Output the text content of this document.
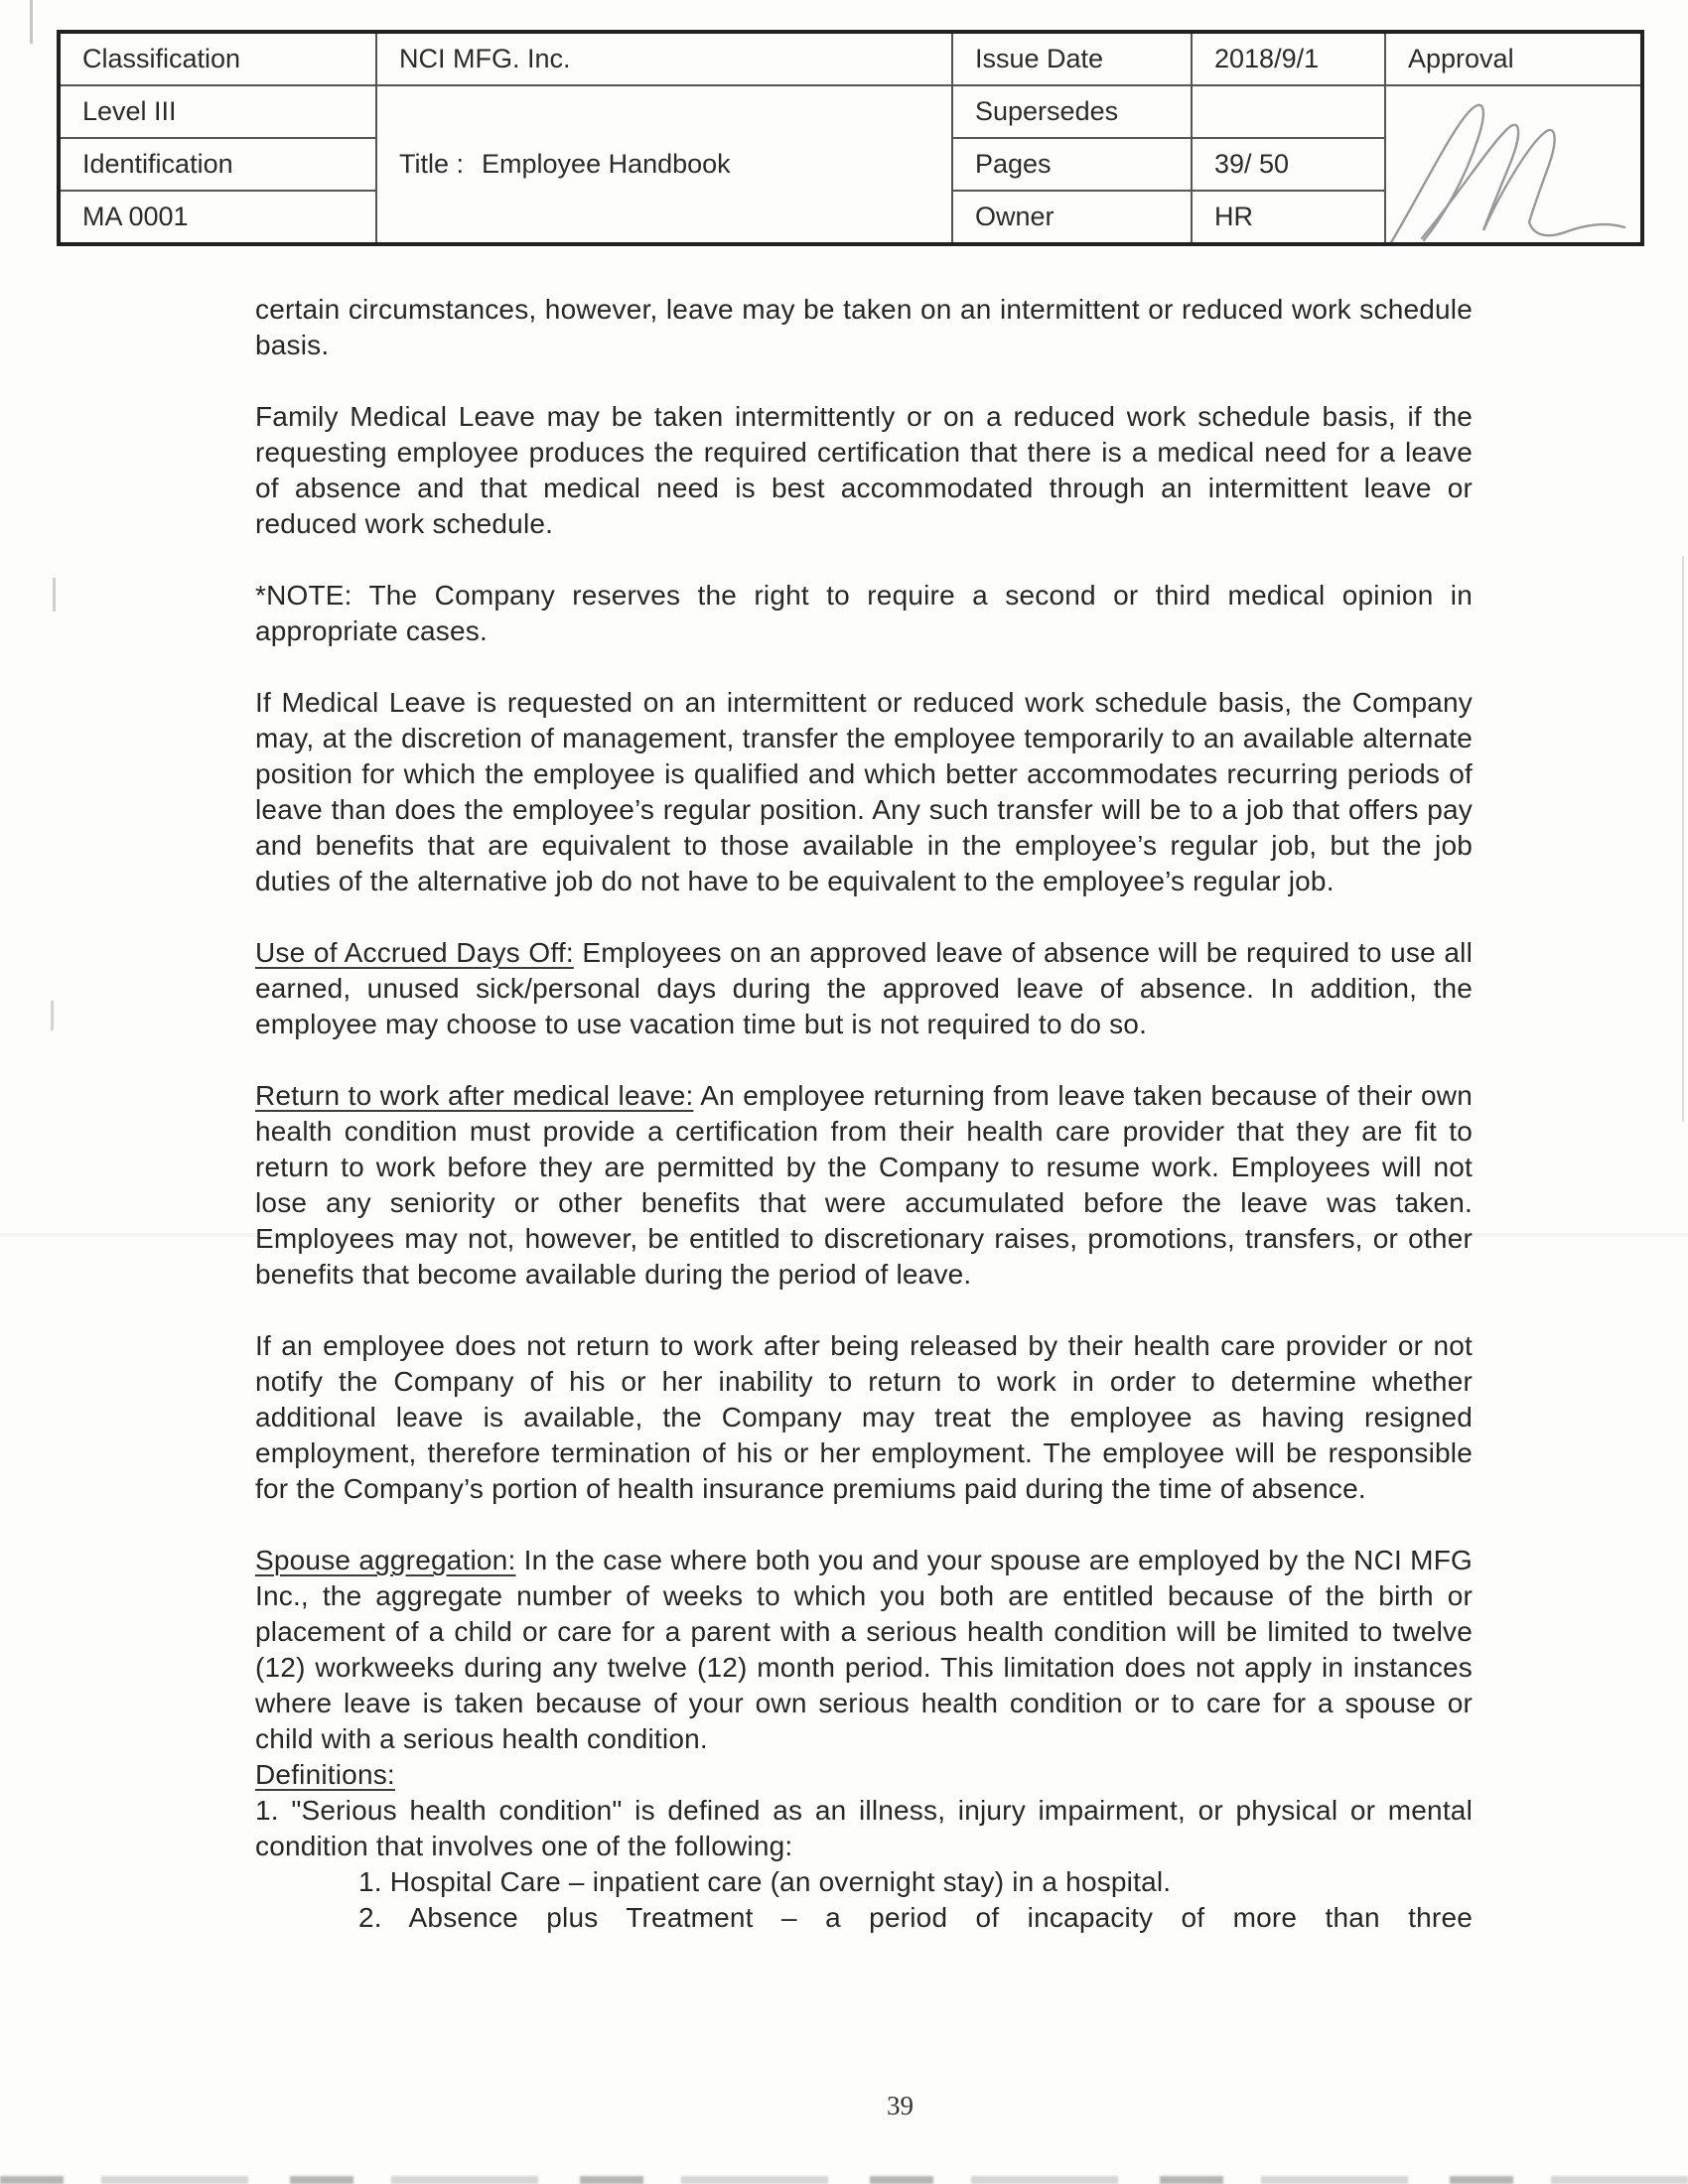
Classification	NCI MFG. Inc.	Issue Date	2018/9/1	Approval
Level III	Title : Employee Handbook	Supersedes		

Identification		Pages	39/ 50	
MA 0001		Owner	HR	

certain circumstances, however, leave may be taken on an intermittent or reduced work schedule basis.

Family Medical Leave may be taken intermittently or on a reduced work schedule basis, if the requesting employee produces the required certification that there is a medical need for a leave of absence and that medical need is best accommodated through an intermittent leave or reduced work schedule.

*NOTE: The Company reserves the right to require a second or third medical opinion in appropriate cases.

If Medical Leave is requested on an intermittent or reduced work schedule basis, the Company may, at the discretion of management, transfer the employee temporarily to an available alternate position for which the employee is qualified and which better accommodates recurring periods of leave than does the employee’s regular position. Any such transfer will be to a job that offers pay and benefits that are equivalent to those available in the employee’s regular job, but the job duties of the alternative job do not have to be equivalent to the employee’s regular job.

Use of Accrued Days Off: Employees on an approved leave of absence will be required to use all earned, unused sick/personal days during the approved leave of absence. In addition, the employee may choose to use vacation time but is not required to do so.

Return to work after medical leave: An employee returning from leave taken because of their own health condition must provide a certification from their health care provider that they are fit to return to work before they are permitted by the Company to resume work. Employees will not lose any seniority or other benefits that were accumulated before the leave was taken. Employees may not, however, be entitled to discretionary raises, promotions, transfers, or other benefits that become available during the period of leave.

If an employee does not return to work after being released by their health care provider or not notify the Company of his or her inability to return to work in order to determine whether additional leave is available, the Company may treat the employee as having resigned employment, therefore termination of his or her employment. The employee will be responsible for the Company’s portion of health insurance premiums paid during the time of absence.

Spouse aggregation: In the case where both you and your spouse are employed by the NCI MFG Inc., the aggregate number of weeks to which you both are entitled because of the birth or placement of a child or care for a parent with a serious health condition will be limited to twelve (12) workweeks during any twelve (12) month period. This limitation does not apply in instances where leave is taken because of your own serious health condition or to care for a spouse or child with a serious health condition.

Definitions:

1. "Serious health condition" is defined as an illness, injury impairment, or physical or mental condition that involves one of the following:

1. Hospital Care – inpatient care (an overnight stay) in a hospital.

2. Absence plus Treatment – a period of incapacity of more than three

39
